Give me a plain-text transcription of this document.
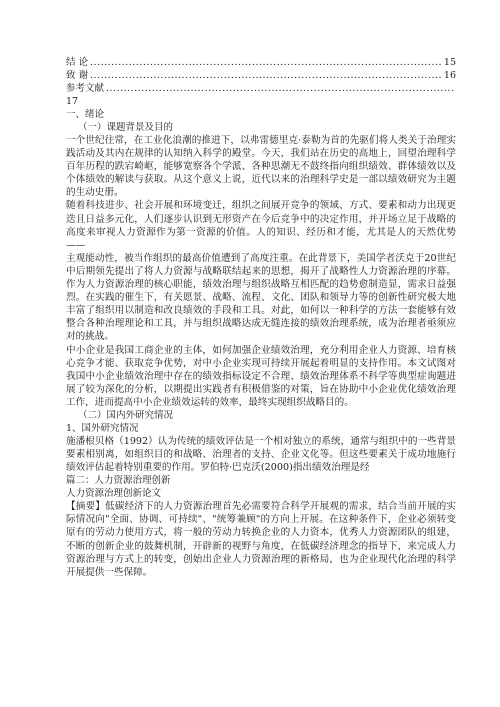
结 论 .....	15
致 谢 .....	16
参考文献
.....
17
一、绪论
（一）课题背景及目的

一个世纪往常，在工业化浪潮的推进下，以弗雷德里克·泰勒为首的先驱们将人类关于治理实践活动及其内在规律的认知纳入科学的殿堂。今天，我们站在历史的高地上，回望治理科学百年历程的跌宕崎岖，能够宽察各个学派、各种思潮无不鼓终指向组织绩效、群体绩效以及个体绩效的解读与获取。从这个意义上说，近代以来的治理科学史是一部以绩效研究为主题的生动史册。

随着科技进步、社会开展和环境变迁，组织之间展开竞争的领域、方式、要素和动力出现更迭且日益多元化，人们逐步认识到无形资产在今后竞争中的决定作用，并开场立足于战略的高度来审视人力资源作为第一资源的价值。人的知识、经历和才能，尤其是人的天然优势——

主观能动性，被当作组织的最高价值遭到了高度注重。在此背景下，美国学者沃克于20世纪中后期领先提出了将人力资源与战略联结起来的思想，揭开了战略性人力资源治理的序幕。作为人力资源治理的核心职能，绩效治理与组织战略互相匹配的趋势愈制造显，需求日益强烈。在实践的催生下，有关愿景、战略、流程、文化、团队和领导力等的创新性研究极大地丰富了组织用以制造和改良绩效的手段和工具。对此，如何以一种科学的方法一套能够有效整合各种治理理论和工具，并与组织战略达成无缝连接的绩效治理系统，成为治理者亟须应对的挑战。

中小企业是我国工商企业的主体，如何加强企业绩效治理，充分利用企业人力资源、培育核心竞争才能、获取竞争优势，对中小企业实现可持续开展起着明显的支持作用。本文试图对我国中小企业绩效治理中存在的绩效指标设定不合理、绩效治理体系不科学等典型症询题进展了较为深化的分析，以期提出实践者有积极借鉴的对策，旨在协助中小企业优化绩效治理工作，进而提高中小企业绩效运转的效率，最终实现组织战略目的。

（二）国内外研究情况
1、国外研究情况

施潘根贝格（1992）认为传统的绩效评估是一个相对独立的系统，通常与组织中的一些背景要素相别离，如组织目的和战略、治理者的支持、企业文化等。但这些要素关于成功地施行绩效评估起着特别重要的作用。罗伯特·巴克沃(2000)指出绩效治理是经

篇二：人力资源治理创新
人力资源治理创新论文

【摘要】低碳经济下的人力资源治理首先必需要符合科学开展观的需求，结合当前开展的实际情况向"全面、协调、可持续"、"统筹兼顾"的方向上开展。在这种条件下，企业必须转变原有的劳动力使用方式，将一般的劳动力转换企业的人力资本，优秀人力资源团队的组建，不断的创新企业的鼓舞机制，开辟新的视野与角度，在低碳经济理念的指导下，来完成人力资源治理与方式上的转变，创始出企业人力资源治理的新格局，也为企业现代化治理的科学开展提供一些保障。
